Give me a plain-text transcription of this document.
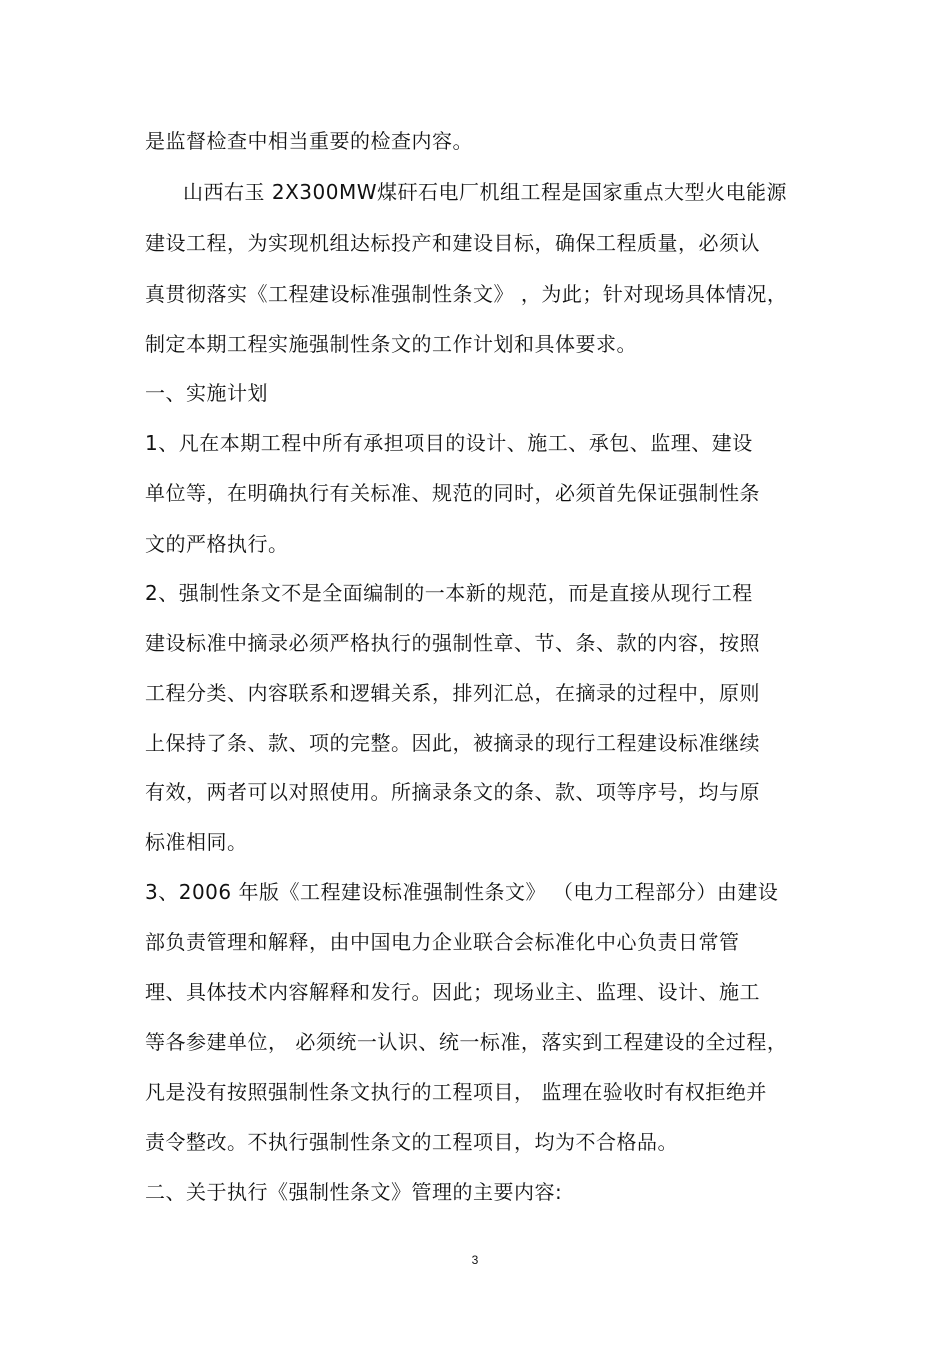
是监督检查中相当重要的检查内容。
山西右玉 2X300MW煤矸石电厂机组工程是国家重点大型火电能源
建设工程，为实现机组达标投产和建设目标，确保工程质量，必须认
真贯彻落实《工程建设标准强制性条文》 ，为此；针对现场具体情况，
制定本期工程实施强制性条文的工作计划和具体要求。
一、实施计划
1、凡在本期工程中所有承担项目的设计、施工、承包、监理、建设
单位等，在明确执行有关标准、规范的同时，必须首先保证强制性条
文的严格执行。
2、强制性条文不是全面编制的一本新的规范，而是直接从现行工程
建设标准中摘录必须严格执行的强制性章、节、条、款的内容，按照
工程分类、内容联系和逻辑关系，排列汇总，在摘录的过程中，原则
上保持了条、款、项的完整。因此，被摘录的现行工程建设标准继续
有效，两者可以对照使用。所摘录条文的条、款、项等序号，均与原
标准相同。
3、2006 年版《工程建设标准强制性条文》 （电力工程部分）由建设
部负责管理和解释，由中国电力企业联合会标准化中心负责日常管
理、具体技术内容解释和发行。因此；现场业主、监理、设计、施工
等各参建单位， 必须统一认识、统一标准，落实到工程建设的全过程，
凡是没有按照强制性条文执行的工程项目， 监理在验收时有权拒绝并
责令整改。不执行强制性条文的工程项目，均为不合格品。
二、关于执行《强制性条文》管理的主要内容:
3
